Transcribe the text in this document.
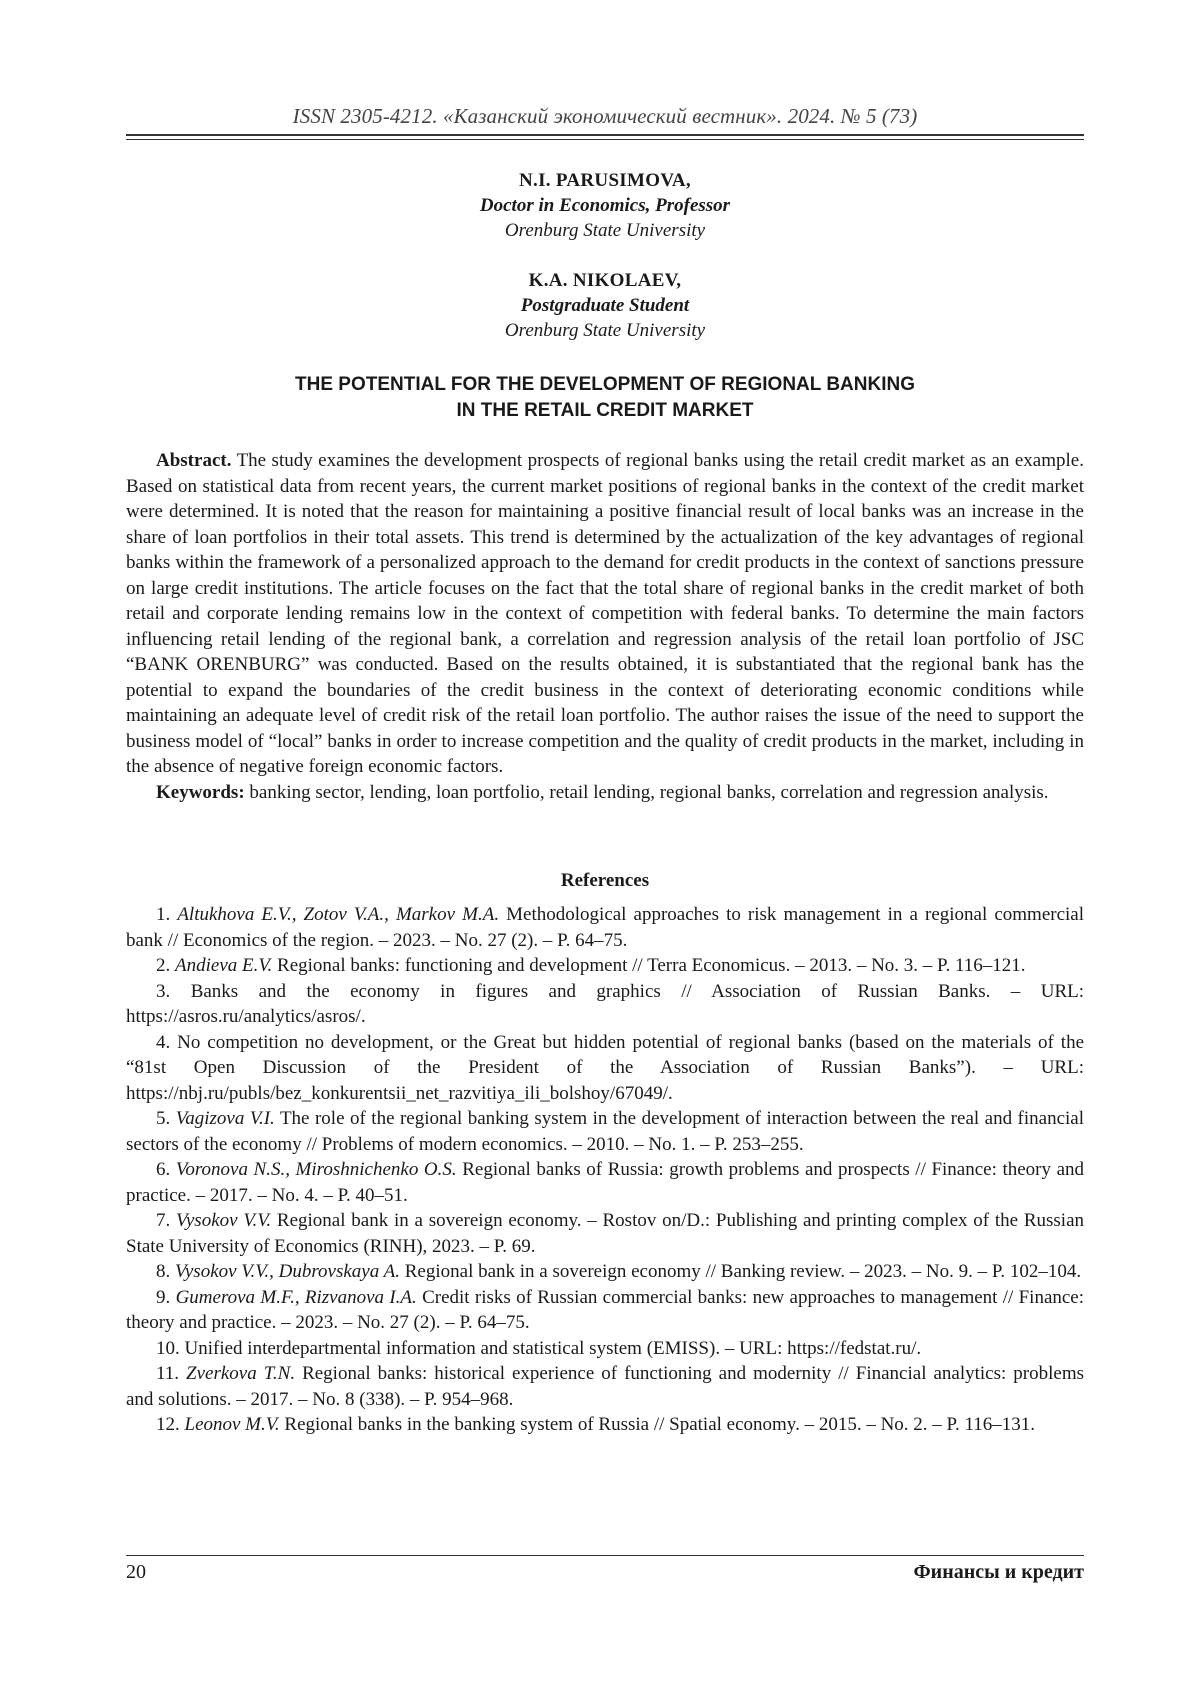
ISSN 2305-4212. «Казанский экономический вестник». 2024. № 5 (73)
N.I. PARUSIMOVA,
Doctor in Economics, Professor
Orenburg State University
K.A. NIKOLAEV,
Postgraduate Student
Orenburg State University
THE POTENTIAL FOR THE DEVELOPMENT OF REGIONAL BANKING
IN THE RETAIL CREDIT MARKET

Abstract. The study examines the development prospects of regional banks using the retail credit market as an example. Based on statistical data from recent years, the current market positions of regional banks in the context of the credit market were determined. It is noted that the reason for maintaining a positive financial result of local banks was an increase in the share of loan portfolios in their total assets. This trend is determined by the actualization of the key advantages of regional banks within the framework of a personalized approach to the demand for credit products in the context of sanctions pressure on large credit institutions. The article focuses on the fact that the total share of regional banks in the credit market of both retail and corporate lending remains low in the context of competition with federal banks. To determine the main factors influencing retail lending of the regional bank, a correlation and regression analysis of the retail loan portfolio of JSC “BANK ORENBURG” was conducted. Based on the results obtained, it is substantiated that the regional bank has the potential to expand the boundaries of the credit business in the context of deteriorating economic conditions while maintaining an adequate level of credit risk of the retail loan portfolio. The author raises the issue of the need to support the business model of “local” banks in order to increase competition and the quality of credit products in the market, including in the absence of negative foreign economic factors.

Keywords: banking sector, lending, loan portfolio, retail lending, regional banks, correlation and regression analysis.

References
1. Altukhova E.V., Zotov V.A., Markov M.A. Methodological approaches to risk management in a regional commercial bank // Economics of the region. – 2023. – No. 27 (2). – P. 64–75.
2. Andieva E.V. Regional banks: functioning and development // Terra Economicus. – 2013. – No. 3. – P. 116–121.
3. Banks and the economy in figures and graphics // Association of Russian Banks. – URL: https://asros.ru/analytics/asros/.
4. No competition no development, or the Great but hidden potential of regional banks (based on the materials of the “81st Open Discussion of the President of the Association of Russian Banks”). – URL: https://nbj.ru/publs/bez_konkurentsii_net_razvitiya_ili_bolshoy/67049/.
5. Vagizova V.I. The role of the regional banking system in the development of interaction between the real and financial sectors of the economy // Problems of modern economics. – 2010. – No. 1. – P. 253–255.
6. Voronova N.S., Miroshnichenko O.S. Regional banks of Russia: growth problems and prospects // Finance: theory and practice. – 2017. – No. 4. – P. 40–51.
7. Vysokov V.V. Regional bank in a sovereign economy. – Rostov on/D.: Publishing and printing complex of the Russian State University of Economics (RINH), 2023. – P. 69.
8. Vysokov V.V., Dubrovskaya A. Regional bank in a sovereign economy // Banking review. – 2023. – No. 9. – P. 102–104.
9. Gumerova M.F., Rizvanova I.A. Credit risks of Russian commercial banks: new approaches to management // Finance: theory and practice. – 2023. – No. 27 (2). – P. 64–75.
10. Unified interdepartmental information and statistical system (EMISS). – URL: https://fedstat.ru/.
11. Zverkova T.N. Regional banks: historical experience of functioning and modernity // Financial analytics: problems and solutions. – 2017. – No. 8 (338). – P. 954–968.
12. Leonov M.V. Regional banks in the banking system of Russia // Spatial economy. – 2015. – No. 2. – P. 116–131.
20	Финансы и кредит
